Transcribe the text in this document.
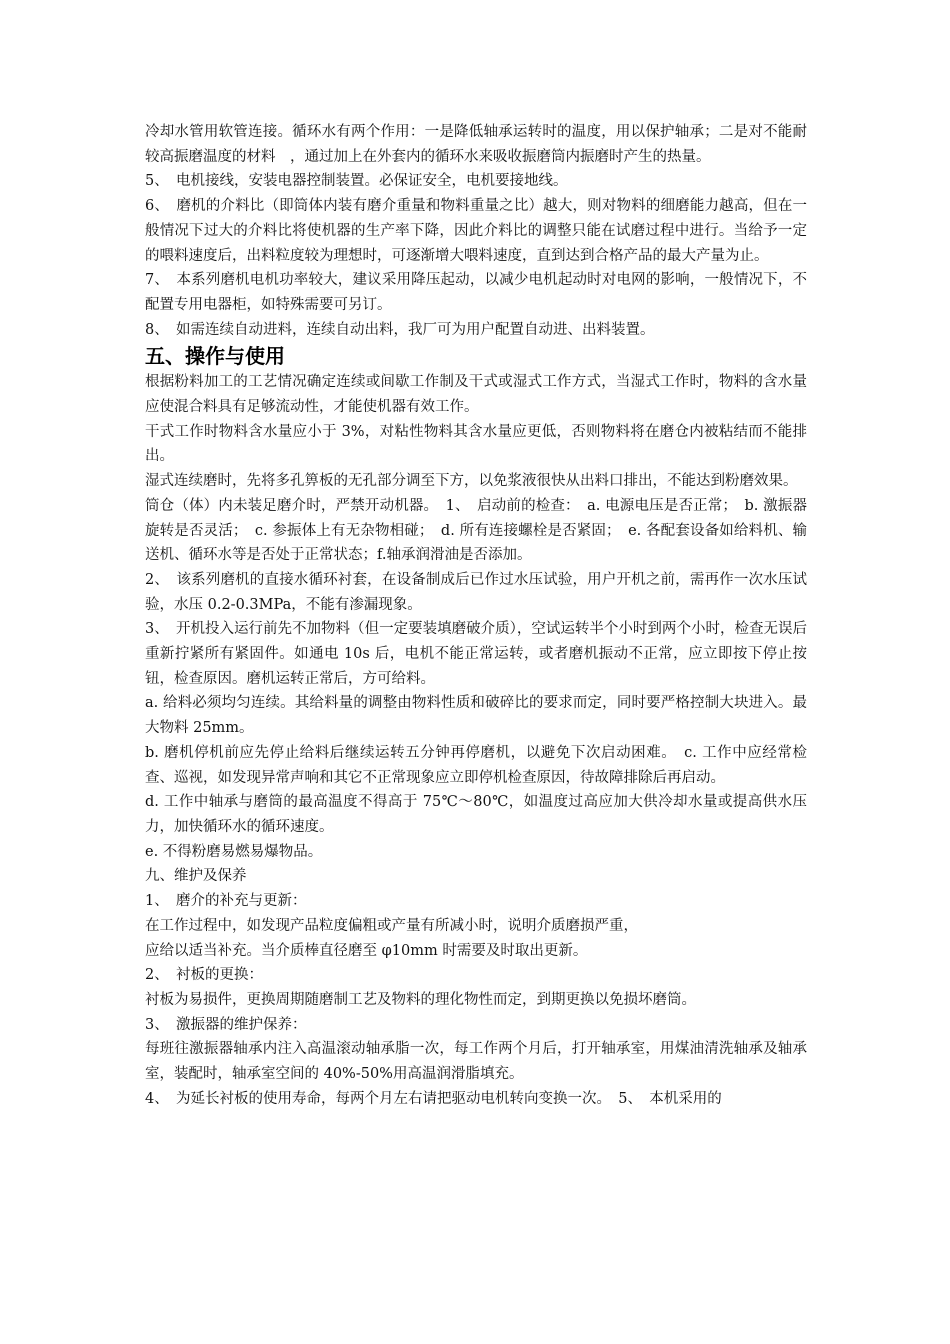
冷却水管用软管连接。循环水有两个作用：一是降低轴承运转时的温度，用以保护轴承；二是对不能耐较高振磨温度的材料　，通过加上在外套内的循环水来吸收振磨筒内振磨时产生的热量。

5、　电机接线，安装电器控制装置。必保证安全，电机要接地线。

6、　磨机的介料比（即筒体内装有磨介重量和物料重量之比）越大，则对物料的细磨能力越高，但在一般情况下过大的介料比将使机器的生产率下降，因此介料比的调整只能在试磨过程中进行。当给予一定的喂料速度后，出料粒度较为理想时，可逐渐增大喂料速度，直到达到合格产品的最大产量为止。

7、　本系列磨机电机功率较大，建议采用降压起动，以减少电机起动时对电网的影响，一般情况下，不配置专用电器柜，如特殊需要可另订。

8、　如需连续自动进料，连续自动出料，我厂可为用户配置自动进、出料装置。

五、操作与使用

根据粉料加工的工艺情况确定连续或间歇工作制及干式或湿式工作方式，当湿式工作时，物料的含水量应使混合料具有足够流动性，才能使机器有效工作。

干式工作时物料含水量应小于 3%，对粘性物料其含水量应更低，否则物料将在磨仓内被粘结而不能排出。

湿式连续磨时，先将多孔箅板的无孔部分调至下方，以免浆液很快从出料口排出，不能达到粉磨效果。

筒仓（体）内未装足磨介时，严禁开动机器。　1、　启动前的检查：　a. 电源电压是否正常；　b. 激振器旋转是否灵活；　c. 参振体上有无杂物相碰；　d. 所有连接螺栓是否紧固；　e. 各配套设备如给料机、输送机、循环水等是否处于正常状态；f.轴承润滑油是否添加。

2、　该系列磨机的直接水循环衬套，在设备制成后已作过水压试验，用户开机之前，需再作一次水压试验，水压 0.2-0.3MPa，不能有渗漏现象。

3、　开机投入运行前先不加物料（但一定要装填磨破介质），空试运转半个小时到两个小时，检查无误后重新拧紧所有紧固件。如通电 10s 后，电机不能正常运转，或者磨机振动不正常，应立即按下停止按钮，检查原因。磨机运转正常后，方可给料。

a. 给料必须均匀连续。其给料量的调整由物料性质和破碎比的要求而定，同时要严格控制大块进入。最大物料 25mm。

b. 磨机停机前应先停止给料后继续运转五分钟再停磨机，以避免下次启动困难。　c. 工作中应经常检查、巡视，如发现异常声响和其它不正常现象应立即停机检查原因，待故障排除后再启动。

d. 工作中轴承与磨筒的最高温度不得高于 75℃～80℃，如温度过高应加大供冷却水量或提高供水压力，加快循环水的循环速度。

e. 不得粉磨易燃易爆物品。

九、维护及保养

1、　磨介的补充与更新：

在工作过程中，如发现产品粒度偏粗或产量有所减小时，说明介质磨损严重，

应给以适当补充。当介质棒直径磨至 φ10mm 时需要及时取出更新。

2、　衬板的更换：

衬板为易损件，更换周期随磨制工艺及物料的理化物性而定，到期更换以免损坏磨筒。

3、　激振器的维护保养：

每班往激振器轴承内注入高温滚动轴承脂一次，每工作两个月后，打开轴承室，用煤油清洗轴承及轴承室，装配时，轴承室空间的 40%-50%用高温润滑脂填充。

4、　为延长衬板的使用寿命，每两个月左右请把驱动电机转向变换一次。　5、　本机采用的
